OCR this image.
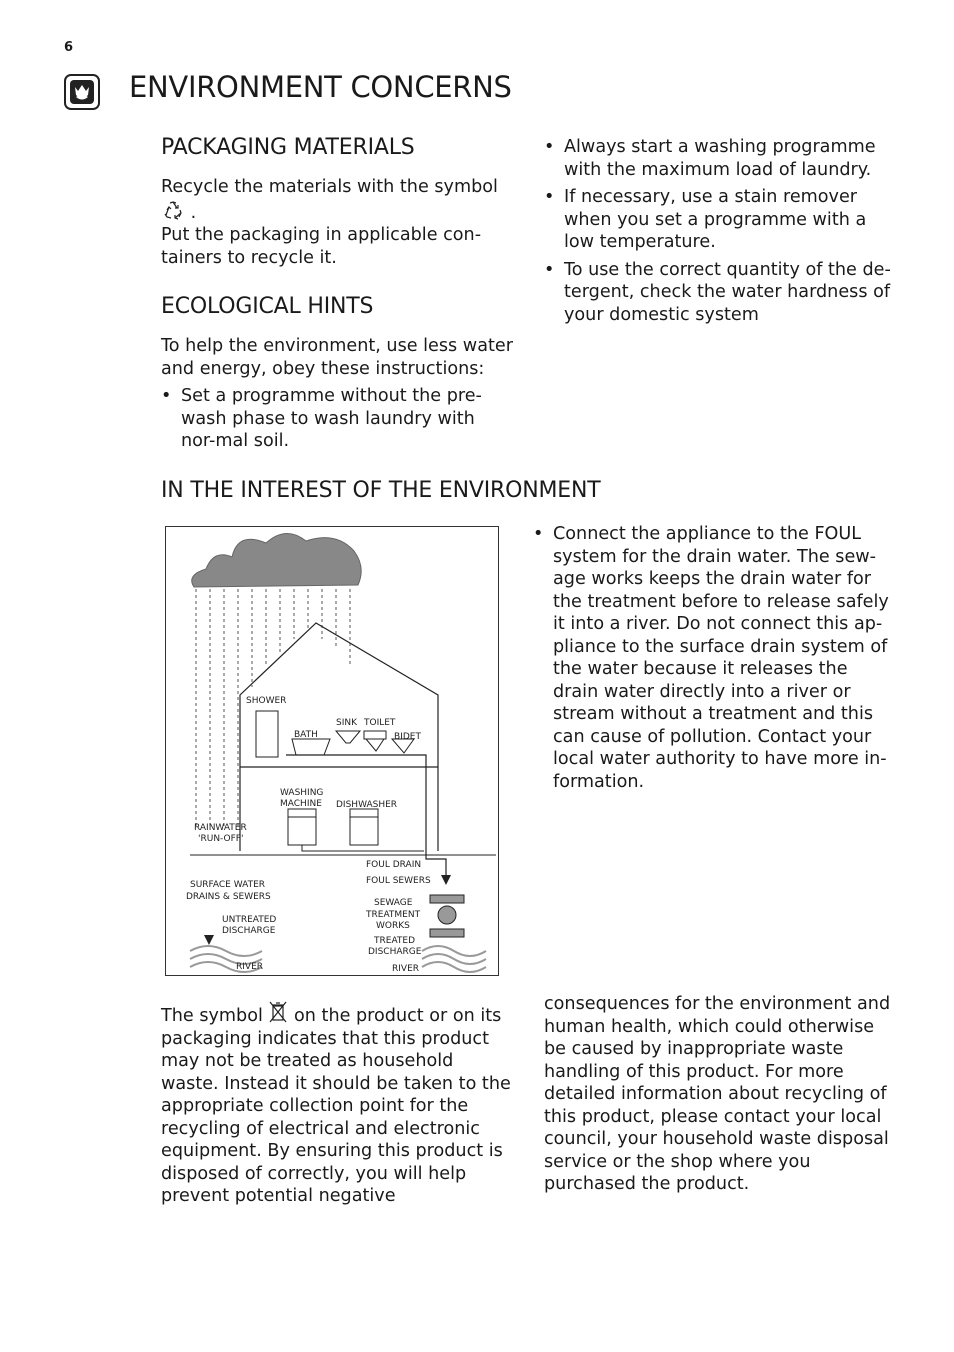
6
ENVIRONMENT CONCERNS
PACKAGING MATERIALS

Recycle the materials with the symbol

.

Put the packaging in applicable con-tainers to recycle it.

ECOLOGICAL HINTS
To help the environment, use less water and energy, obey these instructions:
• Set a programme without the pre-wash phase to wash laundry with nor-mal soil.
• Always start a washing programme with the maximum load of laundry.
• If necessary, use a stain remover when you set a programme with a low temperature.
• To use the correct quantity of the de-tergent, check the water hardness of your domestic system
IN THE INTEREST OF THE ENVIRONMENT
SHOWER
SINK TOILET
BATH	BIDET
WASHING
MACHINE DISHWASHER
RAINWATER
'RUN-OFF'
FOUL DRAIN
FOUL SEWERS
SURFACE WATER
DRAINS & SEWERS
SEWAGE
TREATMENT
WORKS
UNTREATED
DISCHARGE
TREATED
DISCHARGE
RIVER	RIVER
• Connect the appliance to the FOUL system for the drain water. The sew-age works keeps the drain water for the treatment before to release safely it into a river. Do not connect this ap-pliance to the surface drain system of the water because it releases the drain water directly into a river or stream without a treatment and this can cause of pollution. Contact your local water authority to have more in-formation.
The symbol  on the product or on its packaging indicates that this product may not be treated as household waste. Instead it should be taken to the appropriate collection point for the recycling of electrical and electronic equipment. By ensuring this product is disposed of correctly, you will help prevent potential negative
consequences for the environment and human health, which could otherwise be caused by inappropriate waste handling of this product. For more detailed information about recycling of this product, please contact your local council, your household waste disposal service or the shop where you purchased the product.
